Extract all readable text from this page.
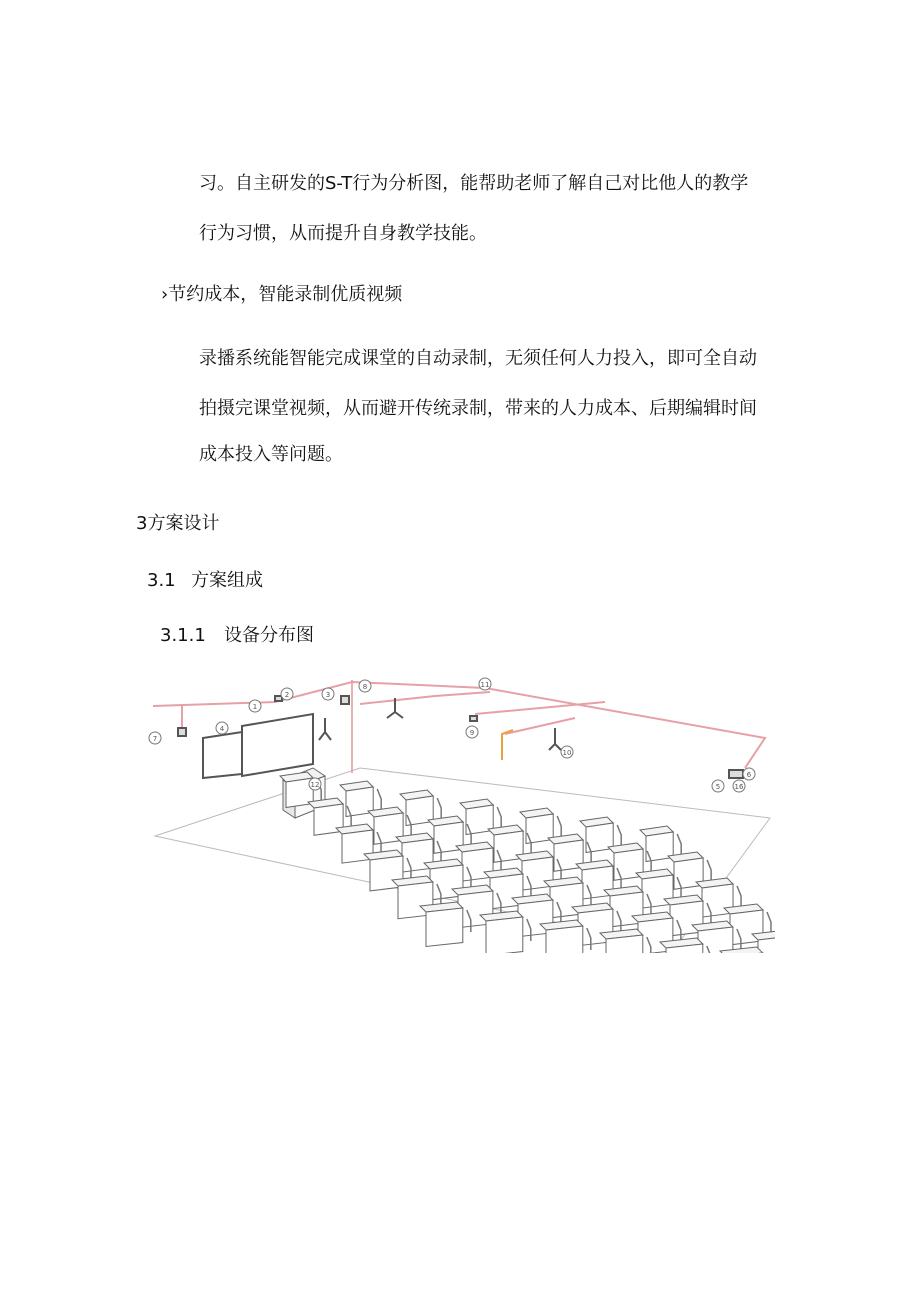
习。自主研发的S-T行为分析图，能帮助老师了解自己对比他人的教学
行为习惯，从而提升自身教学技能。
›节约成本，智能录制优质视频
录播系统能智能完成课堂的自动录制，无须任何人力投入，即可全自动
拍摄完课堂视频，从而避开传统录制，带来的人力成本、后期编辑时间
成本投入等问题。
3方案设计
3.1 方案组成
3.1.1 设备分布图
1
2	3
4
5
6
7
8
9
10
11
12	16
